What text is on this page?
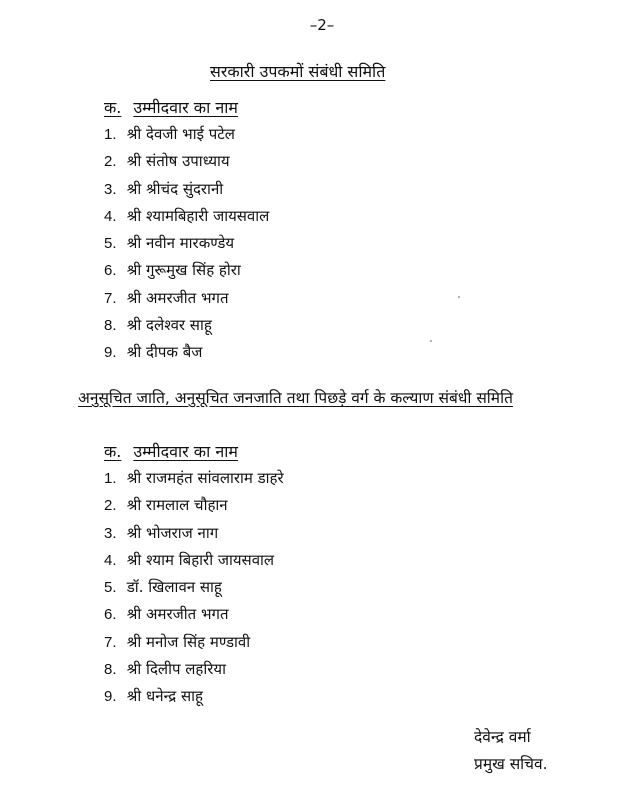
–2–
सरकारी उपकमों संबंधी समिति
क. उम्मीदवार का नाम
1. श्री देवजी भाई पटेल
2. श्री संतोष उपाध्याय
3. श्री श्रीचंद सुंदरानी
4. श्री श्यामबिहारी जायसवाल
5. श्री नवीन मारकण्डेय
6. श्री गुरूमुख सिंह होरा
7. श्री अमरजीत भगत
8. श्री दलेश्वर साहू
9. श्री दीपक बैज
अनुसूचित जाति, अनुसूचित जनजाति तथा पिछड़े वर्ग के कल्याण संबंधी समिति
क. उम्मीदवार का नाम
1. श्री राजमहंत सांवलाराम डाहरे
2. श्री रामलाल चौहान
3. श्री भोजराज नाग
4. श्री श्याम बिहारी जायसवाल
5. डॉ. खिलावन साहू
6. श्री अमरजीत भगत
7. श्री मनोज सिंह मण्डावी
8. श्री दिलीप लहरिया
9. श्री धनेन्द्र साहू
देवेन्द्र वर्मा
प्रमुख सचिव.
